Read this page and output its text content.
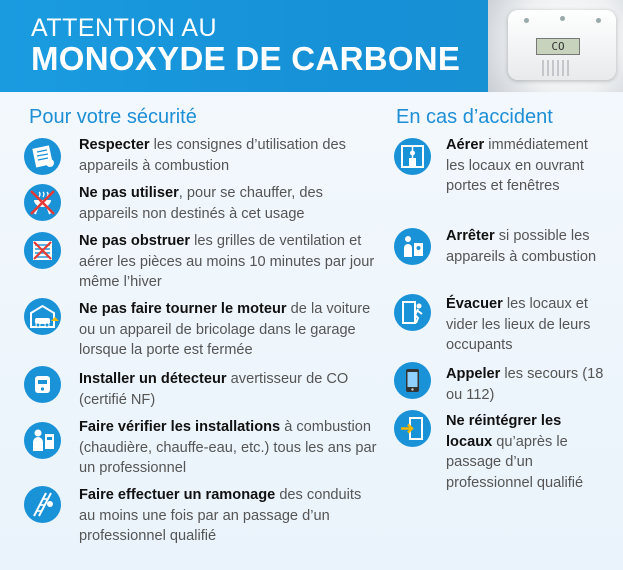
ATTENTION AU
MONOXYDE DE CARBONE	CO
Pour votre sécurité	En cas d’accident
Respecter les consignes d’utilisation des appareils à combustion
Ne pas utiliser, pour se chauffer, des appareils non destinés à cet usage
Ne pas obstruer les grilles de ventilation et aérer les pièces au moins 10 minutes par jour même l’hiver
Ne pas faire tourner le moteur de la voiture ou un appareil de bricolage dans le garage lorsque la porte est fermée
Installer un détecteur avertisseur de CO (certifié NF)
Faire vérifier les installations à combustion (chaudière, chauffe-eau, etc.) tous les ans par un professionnel
Faire effectuer un ramonage des conduits au moins une fois par an passage d’un professionnel qualifié
Aérer immédiatement les locaux en ouvrant portes et fenêtres
Arrêter si possible les appareils à combustion
Évacuer les locaux et vider les lieux de leurs occupants
Appeler les secours (18 ou 112)
Ne réintégrer les locaux qu’après le passage d’un professionnel qualifié
